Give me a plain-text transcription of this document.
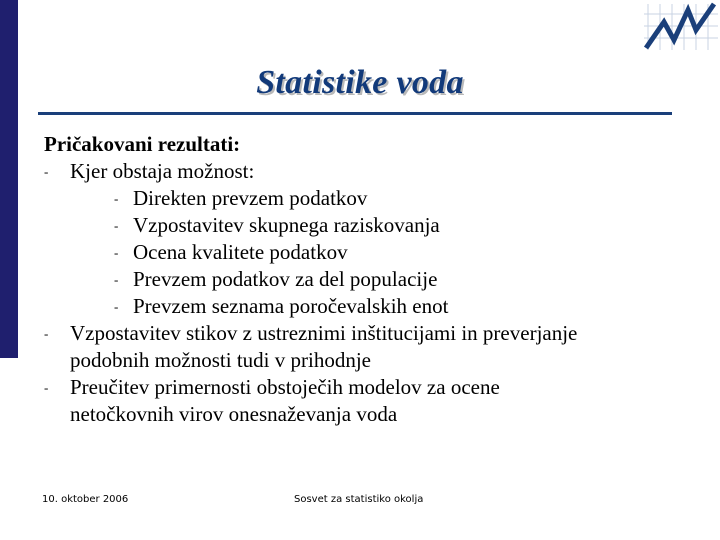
Statistike voda
Pričakovani rezultati:
- Kjer obstaja možnost:
- Direkten prevzem podatkov
- Vzpostavitev skupnega raziskovanja
- Ocena kvalitete podatkov
- Prevzem podatkov za del populacije
- Prevzem seznama poročevalskih enot
- Vzpostavitev stikov z ustreznimi inštitucijami in preverjanje
podobnih možnosti tudi v prihodnje
- Preučitev primernosti obstoječih modelov za ocene
netočkovnih virov onesnaževanja voda
10. oktober 2006	Sosvet za statistiko okolja
